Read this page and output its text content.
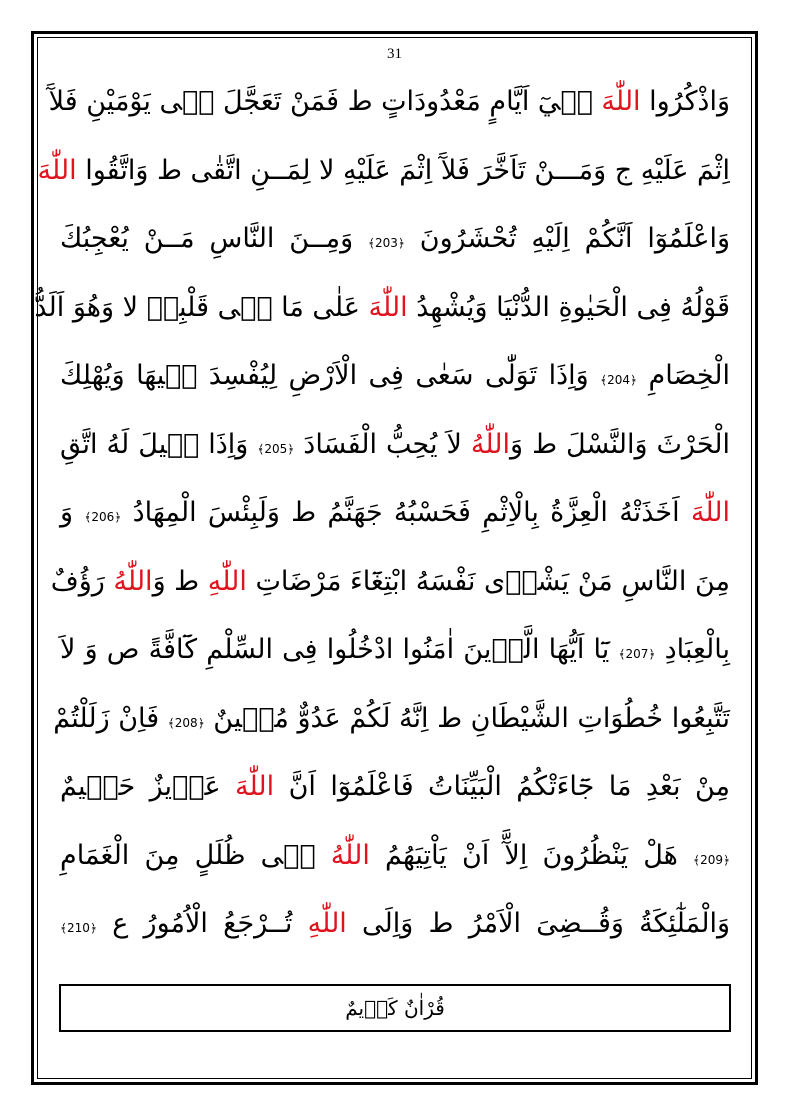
31
وَاذْكُرُوا اللّٰهَ فٖيٓ اَيَّامٍ مَعْدُودَاتٍ ط فَمَنْ تَعَجَّلَ فٖى يَوْمَيْنِ فَلآَ
اِثْمَ عَلَيْهِ ج وَمَـــنْ تَاَخَّرَ فَلآَ اِثْمَ عَلَيْهِ لا لِمَــنِ اتَّقٰى ط وَاتَّقُوا اللّٰهَ
وَاعْلَمُوٓا اَنَّكُمْ اِلَيْهِ تُحْشَرُونَ ﴿203﴾ وَمِــنَ النَّاسِ مَــنْ يُعْجِبُكَ
قَوْلُهُ فِى الْحَيٰوةِ الدُّنْيَا وَيُشْهِدُ اللّٰهَ عَلٰى مَا فٖى قَلْبِهٖ لا وَهُوَ اَلَدُّ
الْخِصَامِ ﴿204﴾ وَاِذَا تَوَلّٰى سَعٰى فِى الْاَرْضِ لِيُفْسِدَ فٖيهَا وَيُهْلِكَ
الْحَرْثَ وَالنَّسْلَ ط وَاللّٰهُ لاَ يُحِبُّ الْفَسَادَ ﴿205﴾ وَاِذَا قٖيلَ لَهُ اتَّقِ
اللّٰهَ اَخَذَتْهُ الْعِزَّةُ بِالْاِثْمِ فَحَسْبُهُ جَهَنَّمُ ط وَلَبِئْسَ الْمِهَادُ ﴿206﴾ وَ
مِنَ النَّاسِ مَنْ يَشْرٖى نَفْسَهُ ابْتِغَٓاءَ مَرْضَاتِ اللّٰهِ ط وَاللّٰهُ رَؤُفٌ
بِالْعِبَادِ ﴿207﴾ يَٓا اَيُّهَا الَّذٖينَ اٰمَنُوا ادْخُلُوا فِى السِّلْمِ كَٓافَّةً ص وَ لاَ
تَتَّبِعُوا خُطُوَاتِ الشَّيْطَانِ ط اِنَّهُ لَكُمْ عَدُوٌّ مُبٖينٌ ﴿208﴾ فَاِنْ زَلَلْتُمْ
مِنْ بَعْدِ مَا جَٓاءَتْكُمُ الْبَيِّنَاتُ فَاعْلَمُوٓا اَنَّ اللّٰهَ عَزٖيزٌ حَكٖيمٌ
﴿209﴾ هَلْ يَنْظُرُونَ اِلآَّ اَنْ يَاْتِيَهُمُ اللّٰهُ فٖى ظُلَلٍ مِنَ الْغَمَامِ
وَالْمَلٰٓئِكَةُ وَقُــضِىَ الْاَمْرُ ط وَاِلَى اللّٰهِ تُــرْجَعُ الْاُمُورُ ع ﴿210﴾
قُرْاٰنٌ كَرٖيمٌ
